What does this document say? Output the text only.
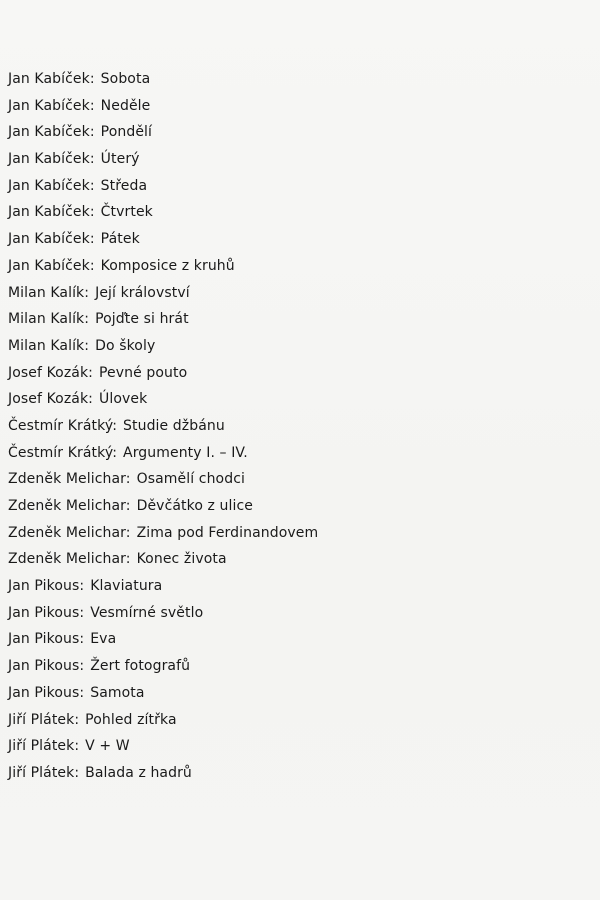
Jan Kabíček: Sobota
Jan Kabíček: Neděle
Jan Kabíček: Pondělí
Jan Kabíček: Úterý
Jan Kabíček: Středa
Jan Kabíček: Čtvrtek
Jan Kabíček: Pátek
Jan Kabíček: Komposice z kruhů
Milan Kalík: Její království
Milan Kalík: Pojďte si hrát
Milan Kalík: Do školy
Josef Kozák: Pevné pouto
Josef Kozák: Úlovek
Čestmír Krátký: Studie džbánu
Čestmír Krátký: Argumenty I. – IV.
Zdeněk Melichar: Osamělí chodci
Zdeněk Melichar: Děvčátko z ulice
Zdeněk Melichar: Zima pod Ferdinandovem
Zdeněk Melichar: Konec života
Jan Pikous: Klaviatura
Jan Pikous: Vesmírné světlo
Jan Pikous: Eva
Jan Pikous: Žert fotografů
Jan Pikous: Samota
Jiří Plátek: Pohled zítřka
Jiří Plátek: V + W
Jiří Plátek: Balada z hadrů
